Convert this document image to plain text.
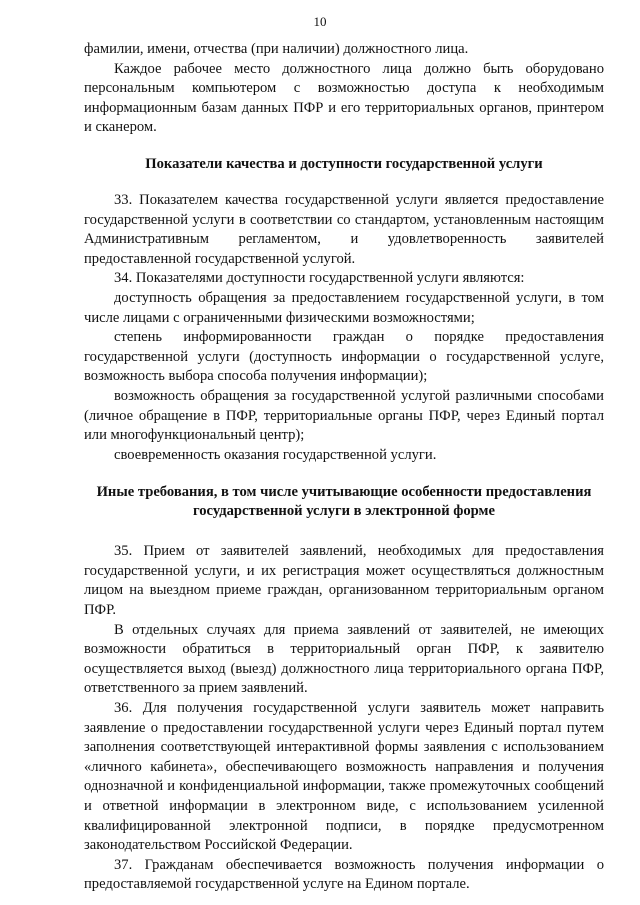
10

фамилии, имени, отчества (при наличии) должностного лица.

Каждое рабочее место должностного лица должно быть оборудовано персональным компьютером с возможностью доступа к необходимым информационным базам данных ПФР и его территориальных органов, принтером и сканером.

Показатели качества и доступности государственной услуги

33. Показателем качества государственной услуги является предоставление государственной услуги в соответствии со стандартом, установленным настоящим Административным регламентом, и удовлетворенность заявителей предоставленной государственной услугой.

34. Показателями доступности государственной услуги являются:

доступность обращения за предоставлением государственной услуги, в том числе лицами с ограниченными физическими возможностями;

степень информированности граждан о порядке предоставления государственной услуги (доступность информации о государственной услуге, возможность выбора способа получения информации);

возможность обращения за государственной услугой различными способами (личное обращение в ПФР, территориальные органы ПФР, через Единый портал или многофункциональный центр);

своевременность оказания государственной услуги.

Иные требования, в том числе учитывающие особенности предоставления
государственной услуги в электронной форме

35. Прием от заявителей заявлений, необходимых для предоставления государственной услуги, и их регистрация может осуществляться должностным лицом на выездном приеме граждан, организованном территориальным органом ПФР.

В отдельных случаях для приема заявлений от заявителей, не имеющих возможности обратиться в территориальный орган ПФР, к заявителю осуществляется выход (выезд) должностного лица территориального органа ПФР, ответственного за прием заявлений.

36. Для получения государственной услуги заявитель может направить заявление о предоставлении государственной услуги через Единый портал путем заполнения соответствующей интерактивной формы заявления с использованием «личного кабинета», обеспечивающего возможность направления и получения однозначной и конфиденциальной информации, также промежуточных сообщений и ответной информации в электронном виде, с использованием усиленной квалифицированной электронной подписи, в порядке предусмотренном законодательством Российской Федерации.

37. Гражданам обеспечивается возможность получения информации о предоставляемой государственной услуге на Едином портале.
